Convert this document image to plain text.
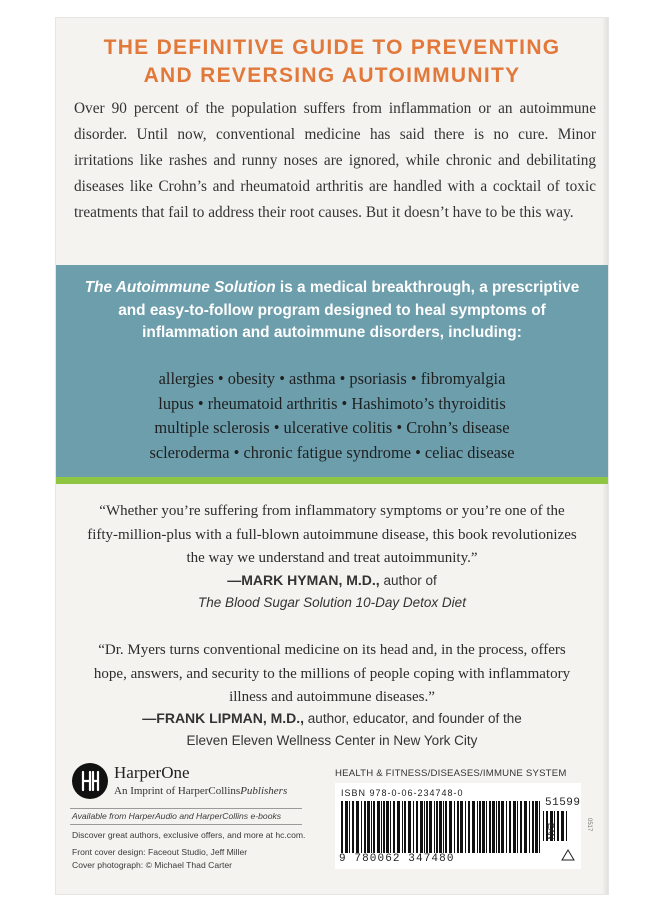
THE DEFINITIVE GUIDE TO PREVENTING
AND REVERSING AUTOIMMUNITY
Over 90 percent of the population suffers from inflammation or an autoimmune disorder. Until now, conventional medicine has said there is no cure. Minor irritations like rashes and runny noses are ignored, while chronic and debilitating diseases like Crohn’s and rheumatoid arthritis are handled with a cocktail of toxic treatments that fail to address their root causes. But it doesn’t have to be this way.
The Autoimmune Solution is a medical breakthrough, a prescriptive and easy-to-follow program designed to heal symptoms of inflammation and autoimmune disorders, including:
allergies • obesity • asthma • psoriasis • fibromyalgia
lupus • rheumatoid arthritis • Hashimoto’s thyroiditis
multiple sclerosis • ulcerative colitis • Crohn’s disease
scleroderma • chronic fatigue syndrome • celiac disease
“Whether you’re suffering from inflammatory symptoms or you’re one of the fifty-million-plus with a full-blown autoimmune disease, this book revolutionizes the way we understand and treat autoimmunity.”
—MARK HYMAN, M.D., author of
The Blood Sugar Solution 10-Day Detox Diet
“Dr. Myers turns conventional medicine on its head and, in the process, offers hope, answers, and security to the millions of people coping with inflammatory illness and autoimmune diseases.”
—FRANK LIPMAN, M.D., author, educator, and founder of the
Eleven Eleven Wellness Center in New York City
HarperOne
An Imprint of HarperCollinsPublishers
Available from HarperAudio and HarperCollins e-books
Discover great authors, exclusive offers, and more at hc.com.
Front cover design: Faceout Studio, Jeff Miller
Cover photograph: © Michael Thad Carter
HEALTH & FITNESS/DISEASES/IMMUNE SYSTEM
ISBN 978-0-06-234748-0
51599
EAN
9 780062 347480
0517
